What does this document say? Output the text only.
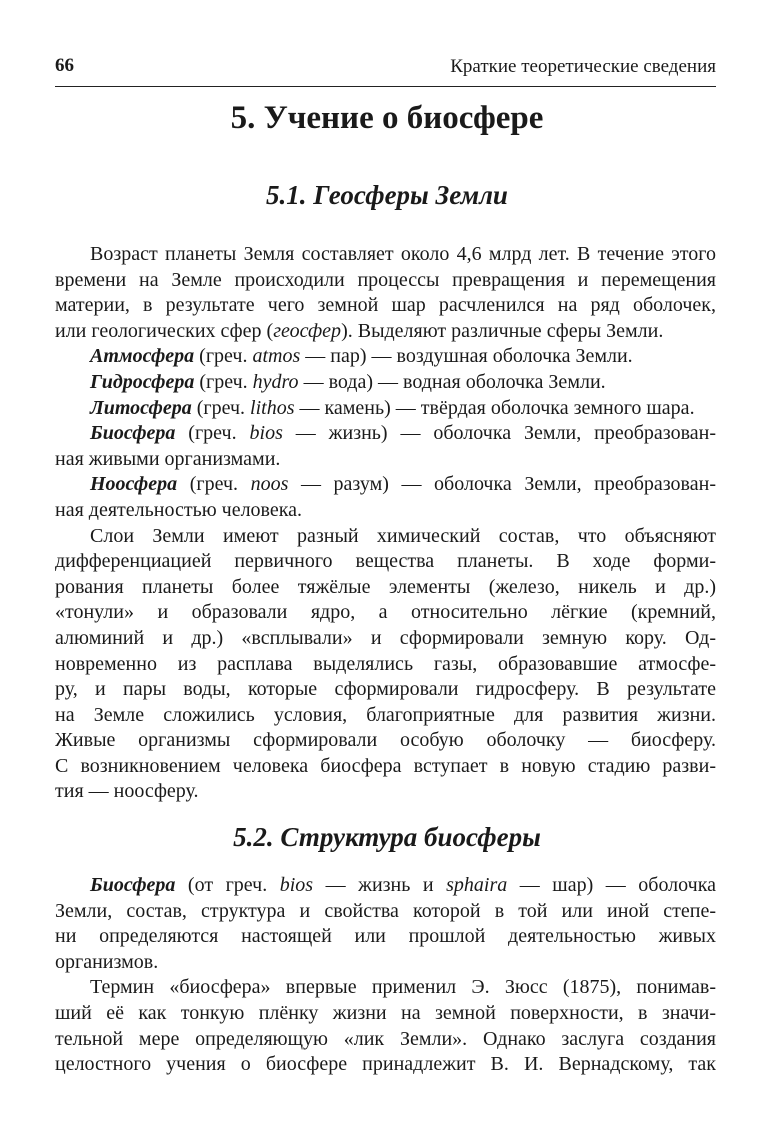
66	Краткие теоретические сведения
5. Учение о биосфере
5.1. Геосферы Земли
Возраст планеты Земля составляет около 4,6 млрд лет. В течение этого
времени на Земле происходили процессы превращения и перемещения
материи, в результате чего земной шар расчленился на ряд оболочек,
или геологических сфер (геосфер). Выделяют различные сферы Земли.
Атмосфера (греч. atmos — пар) — воздушная оболочка Земли.
Гидросфера (греч. hydro — вода) — водная оболочка Земли.
Литосфера (греч. lithos — камень) — твёрдая оболочка земного шара.
Биосфера (греч. bios — жизнь) — оболочка Земли, преобразован-
ная живыми организмами.
Ноосфера (греч. noos — разум) — оболочка Земли, преобразован-
ная деятельностью человека.
Слои Земли имеют разный химический состав, что объясняют
дифференциацией первичного вещества планеты. В ходе форми-
рования планеты более тяжёлые элементы (железо, никель и др.)
«тонули» и образовали ядро, а относительно лёгкие (кремний,
алюминий и др.) «всплывали» и сформировали земную кору. Од-
новременно из расплава выделялись газы, образовавшие атмосфе-
ру, и пары воды, которые сформировали гидросферу. В результате
на Земле сложились условия, благоприятные для развития жизни.
Живые организмы сформировали особую оболочку — биосферу.
С возникновением человека биосфера вступает в новую стадию разви-
тия — ноосферу.
5.2. Структура биосферы
Биосфера (от греч. bios — жизнь и sphaira — шар) — оболочка
Земли, состав, структура и свойства которой в той или иной степе-
ни определяются настоящей или прошлой деятельностью живых
организмов.
Термин «биосфера» впервые применил Э. Зюсс (1875), понимав-
ший её как тонкую плёнку жизни на земной поверхности, в значи-
тельной мере определяющую «лик Земли». Однако заслуга создания
целостного учения о биосфере принадлежит В. И. Вернадскому, так
